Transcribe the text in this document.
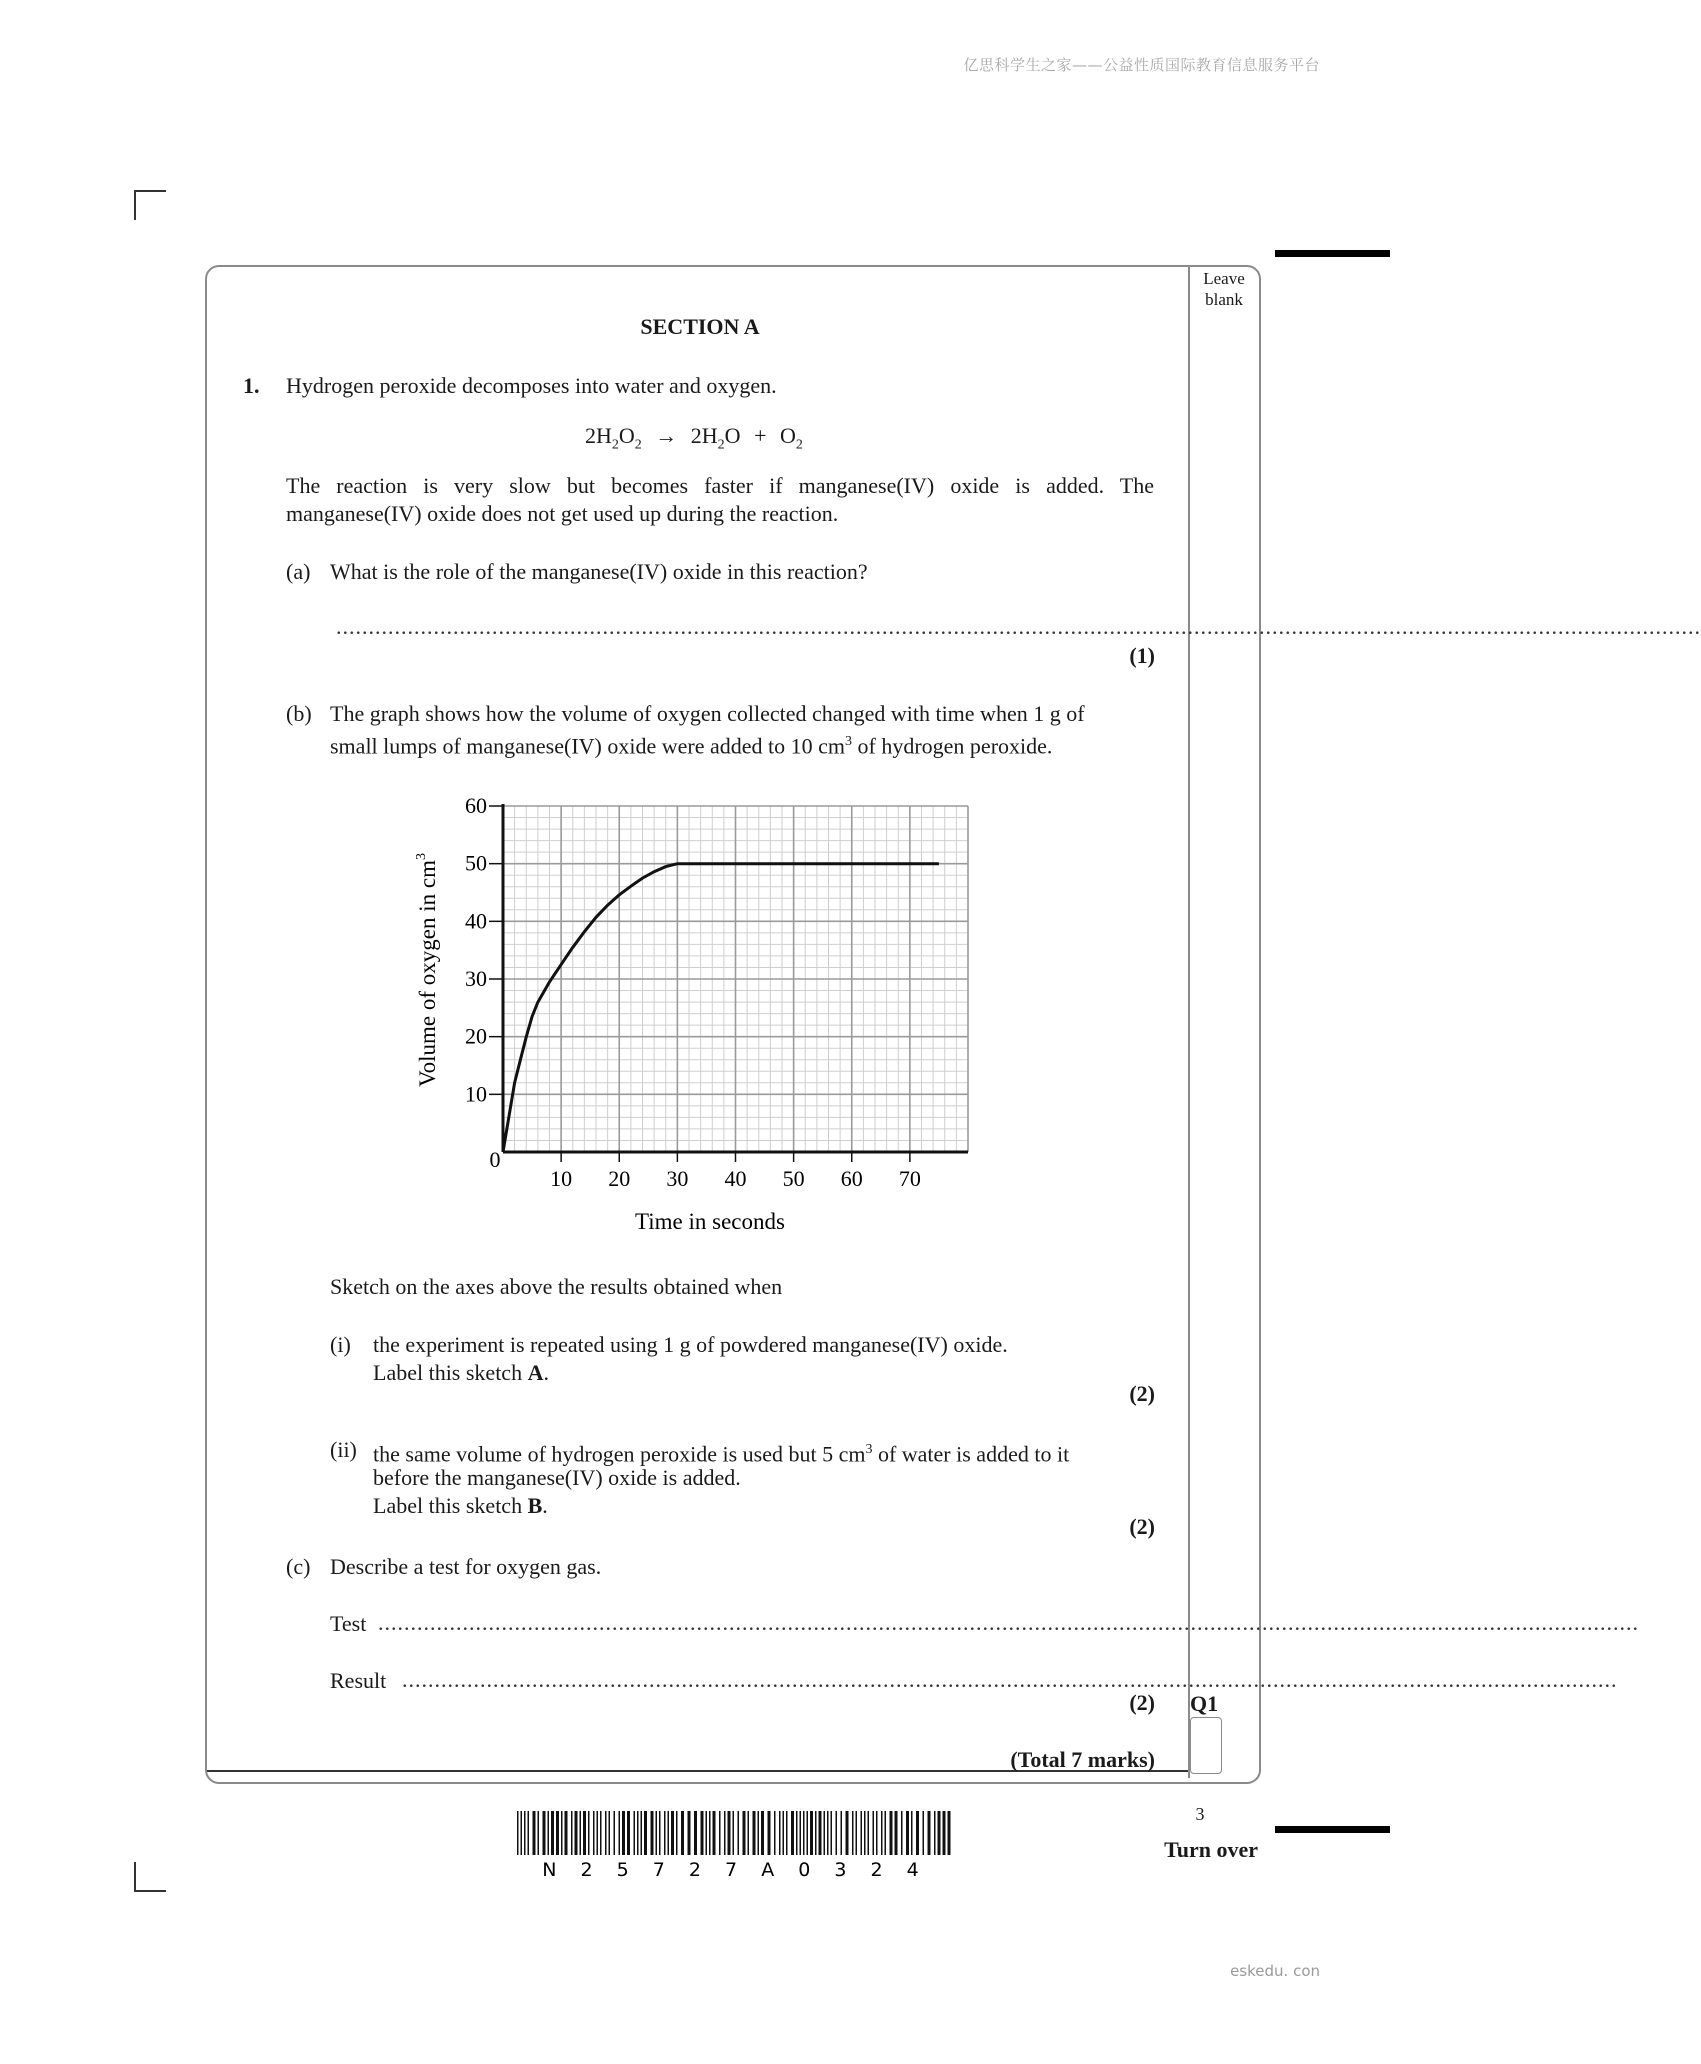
亿思科学生之家——公益性质国际教育信息服务平台
eskedu. con
Leave
blank
Q1
SECTION A
1. Hydrogen peroxide decomposes into water and oxygen.
$2H_2O_2 \to 2H_2O + O_2$
The reaction is very slow but becomes faster if manganese(IV) oxide is added. The
manganese(IV) oxide does not get used up during the reaction.
(a) What is the role of the manganese(IV) oxide in this reaction?
..................................................................................................................................................................................................................
(1)
(b) The graph shows how the volume of oxygen collected changed with time when 1 g of
small lumps of manganese(IV) oxide were added to 10 $cm^3$ of hydrogen peroxide.
10
20
30
40
50
60
10 20 30 40 50 60 70
0
Time in seconds
Volume of oxygen in $cm^3$
Sketch on the axes above the results obtained when
(i) the experiment is repeated using 1 g of powdered manganese(IV) oxide.
Label this sketch A.
(2)
(ii) the same volume of hydrogen peroxide is used but 5 $cm^3$ of water is added to it
before the manganese(IV) oxide is added.
Label this sketch B.
(2)
(c) Describe a test for oxygen gas.
Test ..................................................................................................................................................................................................
Result ...........................................................................................................................................................................................
(2)
(Total 7 marks)
3
Turn over
N 2 5 7 2 7 A 0 3 2 4
